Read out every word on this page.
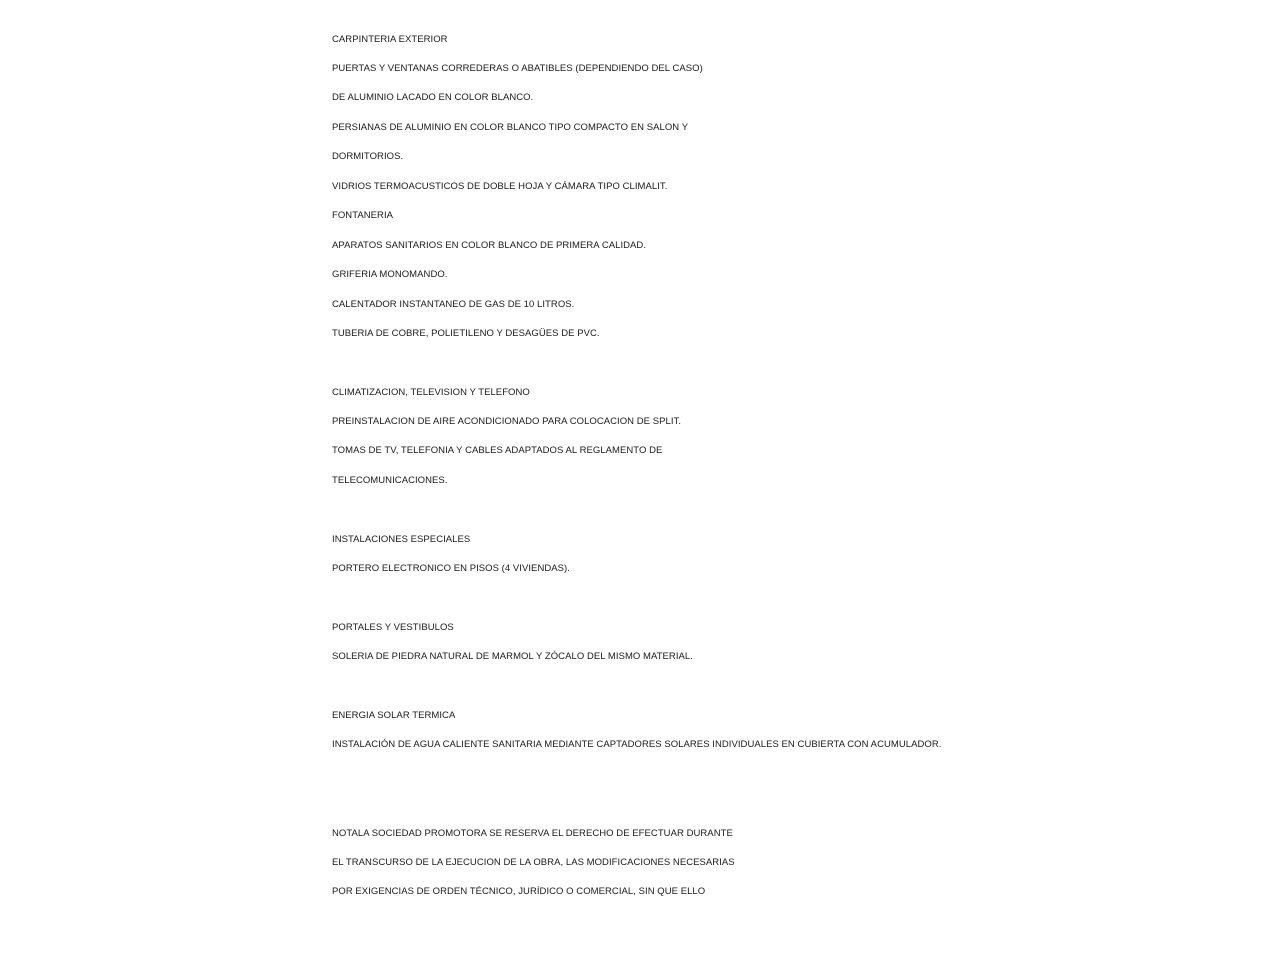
CARPINTERIA EXTERIOR
PUERTAS Y VENTANAS CORREDERAS O ABATIBLES (DEPENDIENDO DEL CASO)
DE ALUMINIO LACADO EN COLOR BLANCO.
PERSIANAS DE ALUMINIO EN COLOR BLANCO TIPO COMPACTO EN SALON Y
DORMITORIOS.
VIDRIOS TERMOACUSTICOS DE DOBLE HOJA Y CÁMARA TIPO CLIMALIT.
FONTANERIA
APARATOS SANITARIOS EN COLOR BLANCO DE PRIMERA CALIDAD.
GRIFERIA MONOMANDO.
CALENTADOR INSTANTANEO DE GAS DE 10 LITROS.
TUBERIA DE COBRE, POLIETILENO Y DESAGÜES DE PVC.
CLIMATIZACION, TELEVISION Y TELEFONO
PREINSTALACION DE AIRE ACONDICIONADO PARA COLOCACION DE SPLIT.
TOMAS DE TV, TELEFONIA Y CABLES ADAPTADOS AL REGLAMENTO DE
TELECOMUNICACIONES.
INSTALACIONES ESPECIALES
PORTERO ELECTRONICO EN PISOS (4 VIVIENDAS).
PORTALES Y VESTIBULOS
SOLERIA DE PIEDRA NATURAL DE MARMOL Y ZÓCALO DEL MISMO MATERIAL.
ENERGIA SOLAR TERMICA
INSTALACIÓN DE AGUA CALIENTE SANITARIA MEDIANTE CAPTADORES SOLARES INDIVIDUALES EN CUBIERTA CON ACUMULADOR.
NOTALA SOCIEDAD PROMOTORA SE RESERVA EL DERECHO DE EFECTUAR DURANTE
EL TRANSCURSO DE LA EJECUCION DE LA OBRA, LAS MODIFICACIONES NECESARIAS
POR EXIGENCIAS DE ORDEN TÉCNICO, JURÍDICO O COMERCIAL, SIN QUE ELLO
